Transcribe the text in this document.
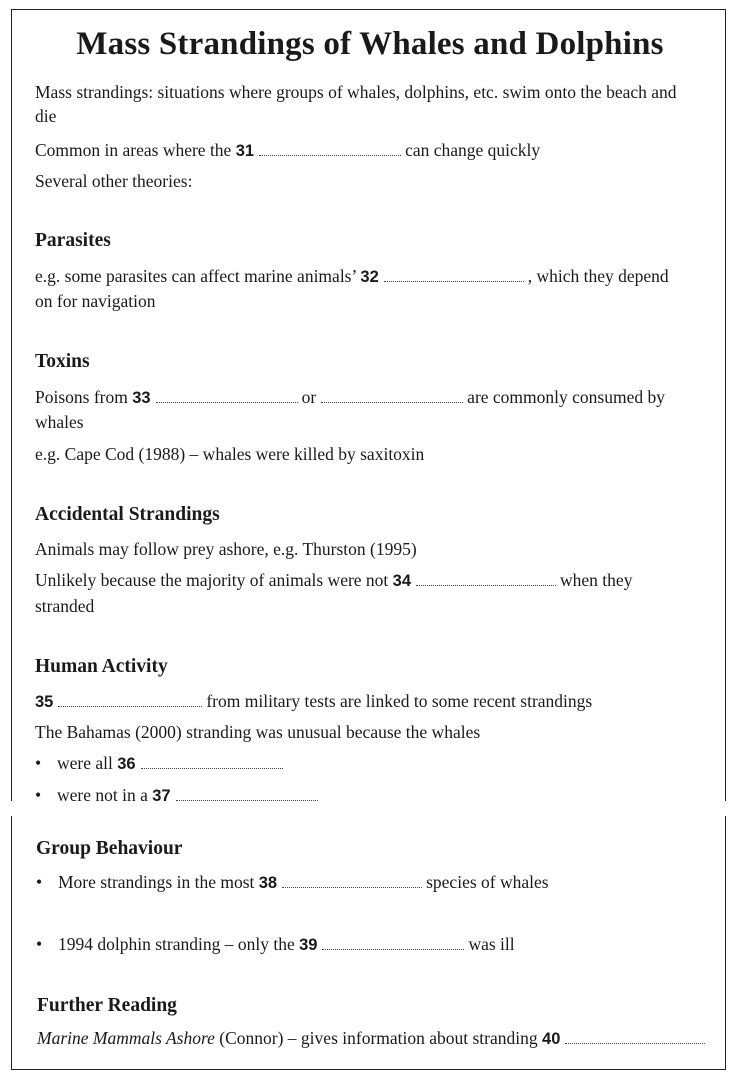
Mass Strandings of Whales and Dolphins
Mass strandings: situations where groups of whales, dolphins, etc. swim onto the beach and die
Common in areas where the 31	can change quickly
Several other theories:
Parasites
e.g. some parasites can affect marine animals’ 32	, which they depend
on for navigation
Toxins
Poisons from 33	or	are commonly consumed by
whales
e.g. Cape Cod (1988) – whales were killed by saxitoxin
Accidental Strandings
Animals may follow prey ashore, e.g. Thurston (1995)
Unlikely because the majority of animals were not 34	when they
stranded
Human Activity
35	from military tests are linked to some recent strandings
The Bahamas (2000) stranding was unusual because the whales
• were all 36
• were not in a 37
Group Behaviour
• More strandings in the most 38	species of whales
• 1994 dolphin stranding – only the 39	was ill
Further Reading
Marine Mammals Ashore (Connor) – gives information about stranding 40
